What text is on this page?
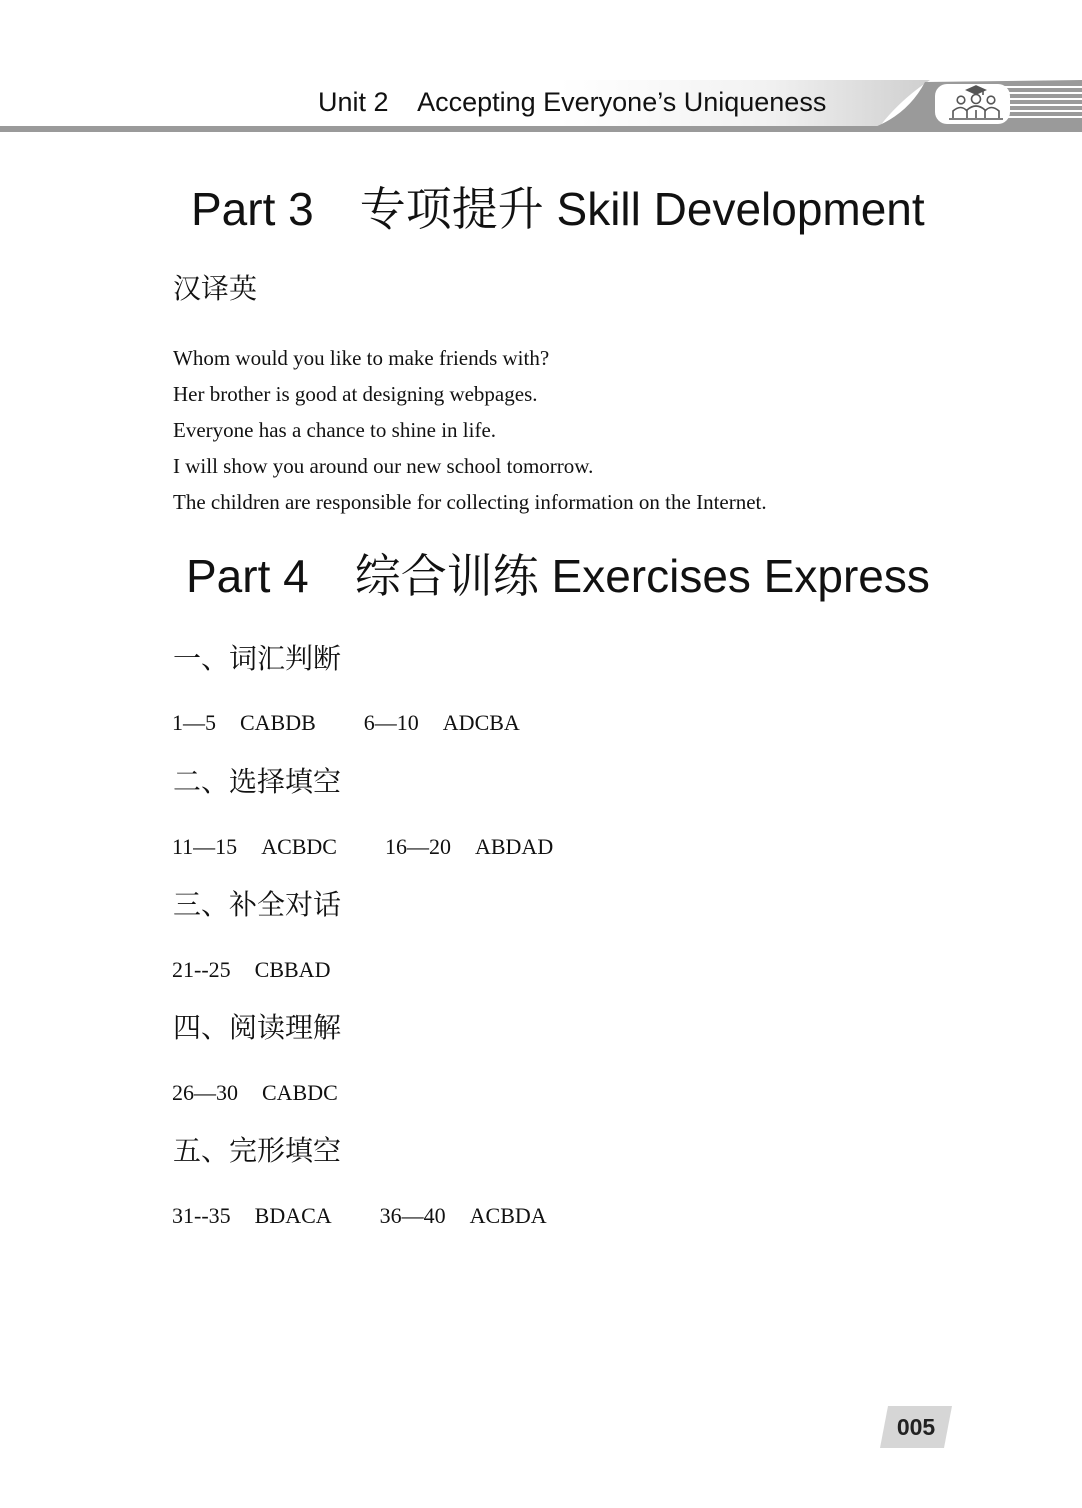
Unit 2 Accepting Everyone’s Uniqueness
Part 3 专项提升 Skill Development
汉译英
Whom would you like to make friends with?
Her brother is good at designing webpages.
Everyone has a chance to shine in life.
I will show you around our new school tomorrow.
The children are responsible for collecting information on the Internet.
Part 4 综合训练 Exercises Express
一、词汇判断
1—5 CABDB 6—10 ADCBA
二、选择填空
11—15 ACBDC 16—20 ABDAD
三、补全对话
21--25 CBBAD
四、阅读理解
26—30 CABDC
五、完形填空
31--35 BDACA 36—40 ACBDA
005
